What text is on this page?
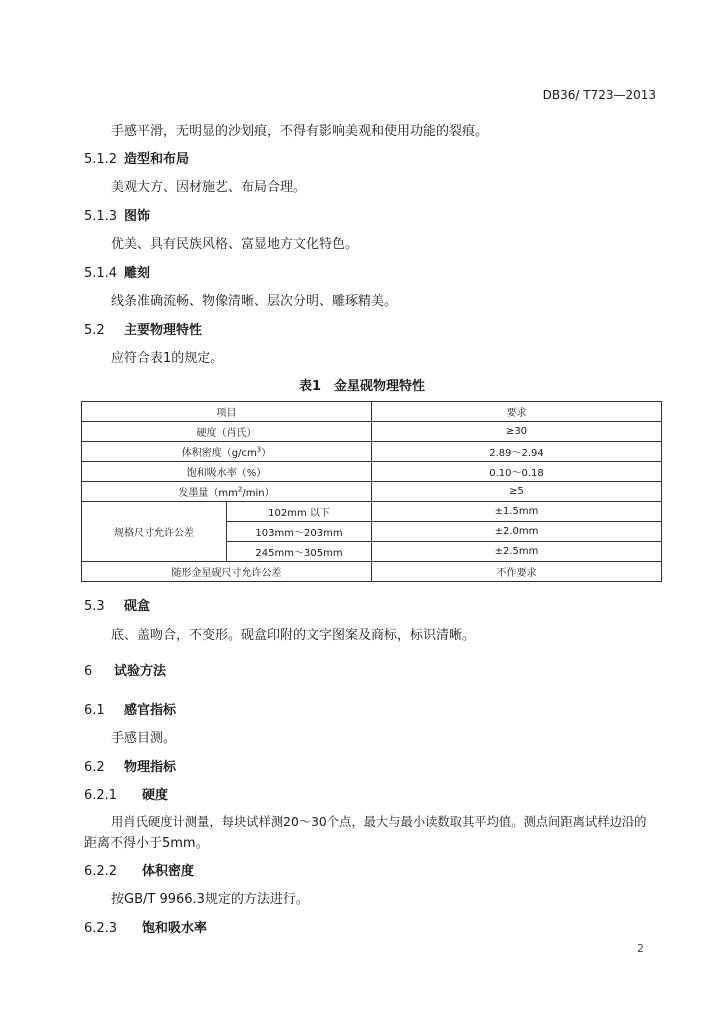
DB36/ T723—2013
手感平滑，无明显的沙划痕，不得有影响美观和使用功能的裂痕。
5.1.2 造型和布局
美观大方、因材施艺、布局合理。
5.1.3 图饰
优美、具有民族风格、富显地方文化特色。
5.1.4 雕刻
线条准确流畅、物像清晰、层次分明、雕琢精美。
5.2 主要物理特性
应符合表1的规定。
表1　金星砚物理特性
项目		要求
硬度（肖氏）		≥30
体积密度$(g/cm^3)$		2.89～2.94
饱和吸水率（%）		0.10～0.18
发墨量$(mm^2/\min)$		≥5
规格尺寸允许公差	102mm 以下	±1.5mm
	103mm～203mm	±2.0mm
	245mm～305mm	±2.5mm
随形金星砚尺寸允许公差		不作要求
5.3 砚盒
底、盖吻合，不变形。砚盒印附的文字图案及商标，标识清晰。
6 试验方法
6.1 感官指标
手感目测。
6.2 物理指标
6.2.1 硬度
用肖氏硬度计测量，每块试样测20～30个点，最大与最小读数取其平均值。测点间距离试样边沿的
距离不得小于5mm。
6.2.2 体积密度
按GB/T 9966.3规定的方法进行。
6.2.3 饱和吸水率
2
